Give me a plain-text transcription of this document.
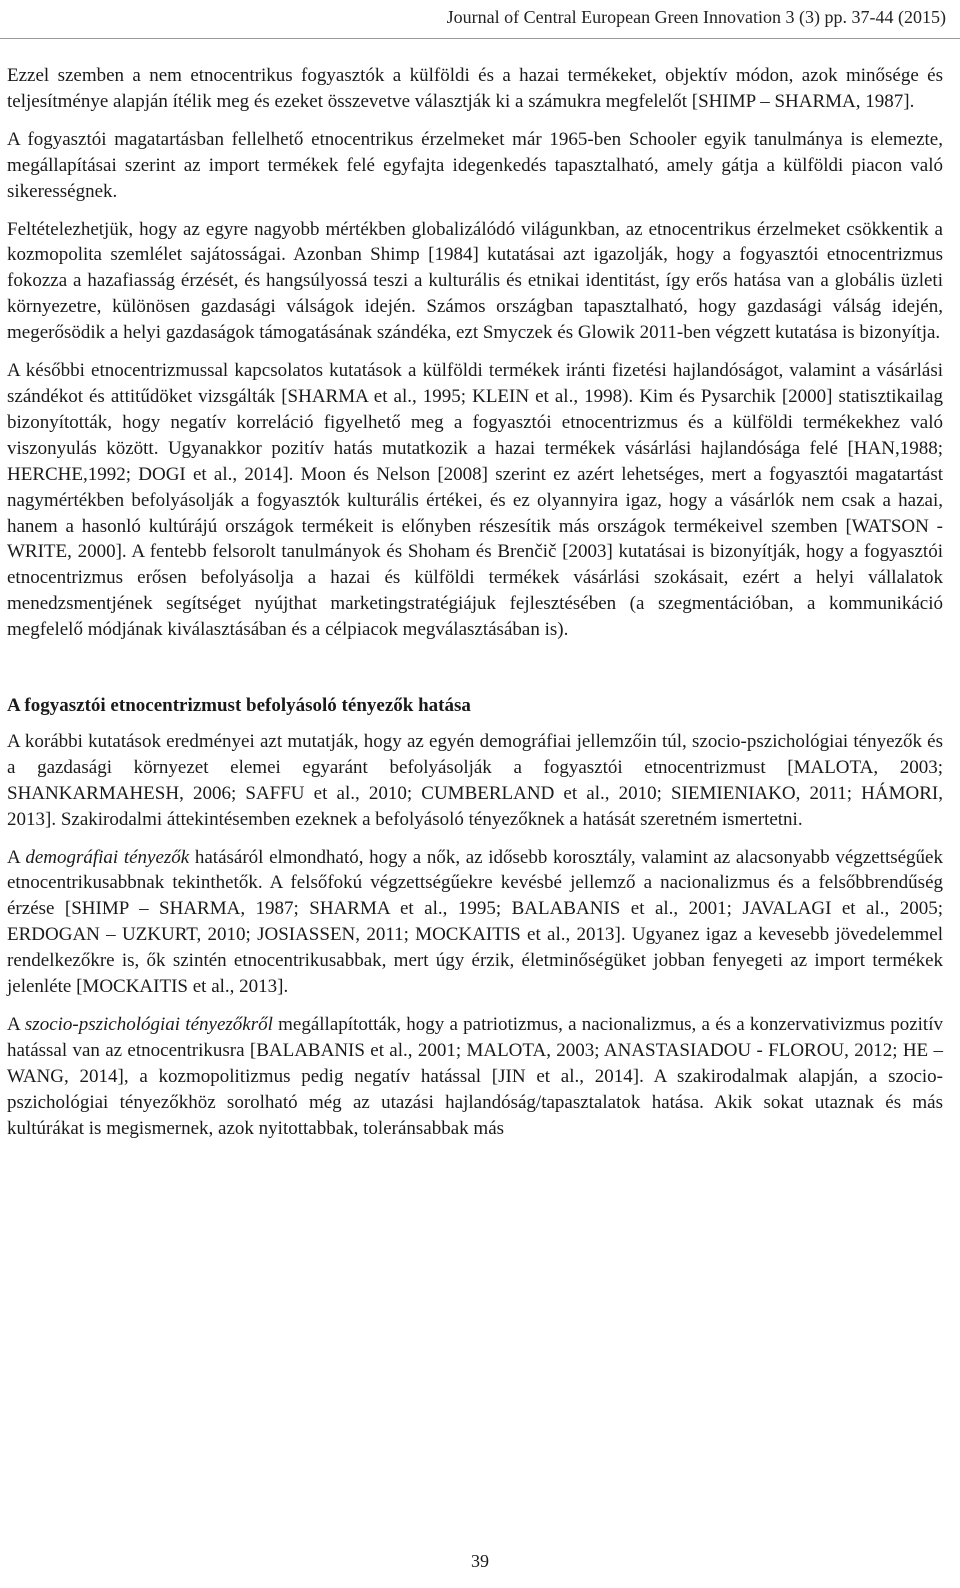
Journal of Central European Green Innovation 3 (3) pp. 37-44 (2015)

Ezzel szemben a nem etnocentrikus fogyasztók a külföldi és a hazai termékeket, objektív módon, azok minősége és teljesítménye alapján ítélik meg és ezeket összevetve választják ki a számukra megfelelőt [SHIMP – SHARMA, 1987].

A fogyasztói magatartásban fellelhető etnocentrikus érzelmeket már 1965-ben Schooler egyik tanulmánya is elemezte, megállapításai szerint az import termékek felé egyfajta idegenkedés tapasztalható, amely gátja a külföldi piacon való sikerességnek.

Feltételezhetjük, hogy az egyre nagyobb mértékben globalizálódó világunkban, az etnocentrikus érzelmeket csökkentik a kozmopolita szemlélet sajátosságai. Azonban Shimp [1984] kutatásai azt igazolják, hogy a fogyasztói etnocentrizmus fokozza a hazafiasság érzését, és hangsúlyossá teszi a kulturális és etnikai identitást, így erős hatása van a globális üzleti környezetre, különösen gazdasági válságok idején. Számos országban tapasztalható, hogy gazdasági válság idején, megerősödik a helyi gazdaságok támogatásának szándéka, ezt Smyczek és Glowik 2011-ben végzett kutatása is bizonyítja.

A későbbi etnocentrizmussal kapcsolatos kutatások a külföldi termékek iránti fizetési hajlandóságot, valamint a vásárlási szándékot és attitűdöket vizsgálták [SHARMA et al., 1995; KLEIN et al., 1998). Kim és Pysarchik [2000] statisztikailag bizonyították, hogy negatív korreláció figyelhető meg a fogyasztói etnocentrizmus és a külföldi termékekhez való viszonyulás között. Ugyanakkor pozitív hatás mutatkozik a hazai termékek vásárlási hajlandósága felé [HAN,1988; HERCHE,1992; DOGI et al., 2014]. Moon és Nelson [2008] szerint ez azért lehetséges, mert a fogyasztói magatartást nagymértékben befolyásolják a fogyasztók kulturális értékei, és ez olyannyira igaz, hogy a vásárlók nem csak a hazai, hanem a hasonló kultúrájú országok termékeit is előnyben részesítik más országok termékeivel szemben [WATSON - WRITE, 2000]. A fentebb felsorolt tanulmányok és Shoham és Brenčič [2003] kutatásai is bizonyítják, hogy a fogyasztói etnocentrizmus erősen befolyásolja a hazai és külföldi termékek vásárlási szokásait, ezért a helyi vállalatok menedzsmentjének segítséget nyújthat marketingstratégiájuk fejlesztésében (a szegmentációban, a kommunikáció megfelelő módjának kiválasztásában és a célpiacok megválasztásában is).

A fogyasztói etnocentrizmust befolyásoló tényezők hatása

A korábbi kutatások eredményei azt mutatják, hogy az egyén demográfiai jellemzőin túl, szocio-pszichológiai tényezők és a gazdasági környezet elemei egyaránt befolyásolják a fogyasztói etnocentrizmust [MALOTA, 2003; SHANKARMAHESH, 2006; SAFFU et al., 2010; CUMBERLAND et al., 2010; SIEMIENIAKO, 2011; HÁMORI, 2013]. Szakirodalmi áttekintésemben ezeknek a befolyásoló tényezőknek a hatását szeretném ismertetni.

A demográfiai tényezők hatásáról elmondható, hogy a nők, az idősebb korosztály, valamint az alacsonyabb végzettségűek etnocentrikusabbnak tekinthetők. A felsőfokú végzettségűekre kevésbé jellemző a nacionalizmus és a felsőbbrendűség érzése [SHIMP – SHARMA, 1987; SHARMA et al., 1995; BALABANIS et al., 2001; JAVALAGI et al., 2005; ERDOGAN – UZKURT, 2010; JOSIASSEN, 2011; MOCKAITIS et al., 2013]. Ugyanez igaz a kevesebb jövedelemmel rendelkezőkre is, ők szintén etnocentrikusabbak, mert úgy érzik, életminőségüket jobban fenyegeti az import termékek jelenléte [MOCKAITIS et al., 2013].

A szocio-pszichológiai tényezőkről megállapították, hogy a patriotizmus, a nacionalizmus, a és a konzervativizmus pozitív hatással van az etnocentrikusra [BALABANIS et al., 2001; MALOTA, 2003; ANASTASIADOU - FLOROU, 2012; HE – WANG, 2014], a kozmopolitizmus pedig negatív hatással [JIN et al., 2014]. A szakirodalmak alapján, a szocio-pszichológiai tényezőkhöz sorolható még az utazási hajlandóság/tapasztalatok hatása. Akik sokat utaznak és más kultúrákat is megismernek, azok nyitottabbak, toleránsabbak más

39
